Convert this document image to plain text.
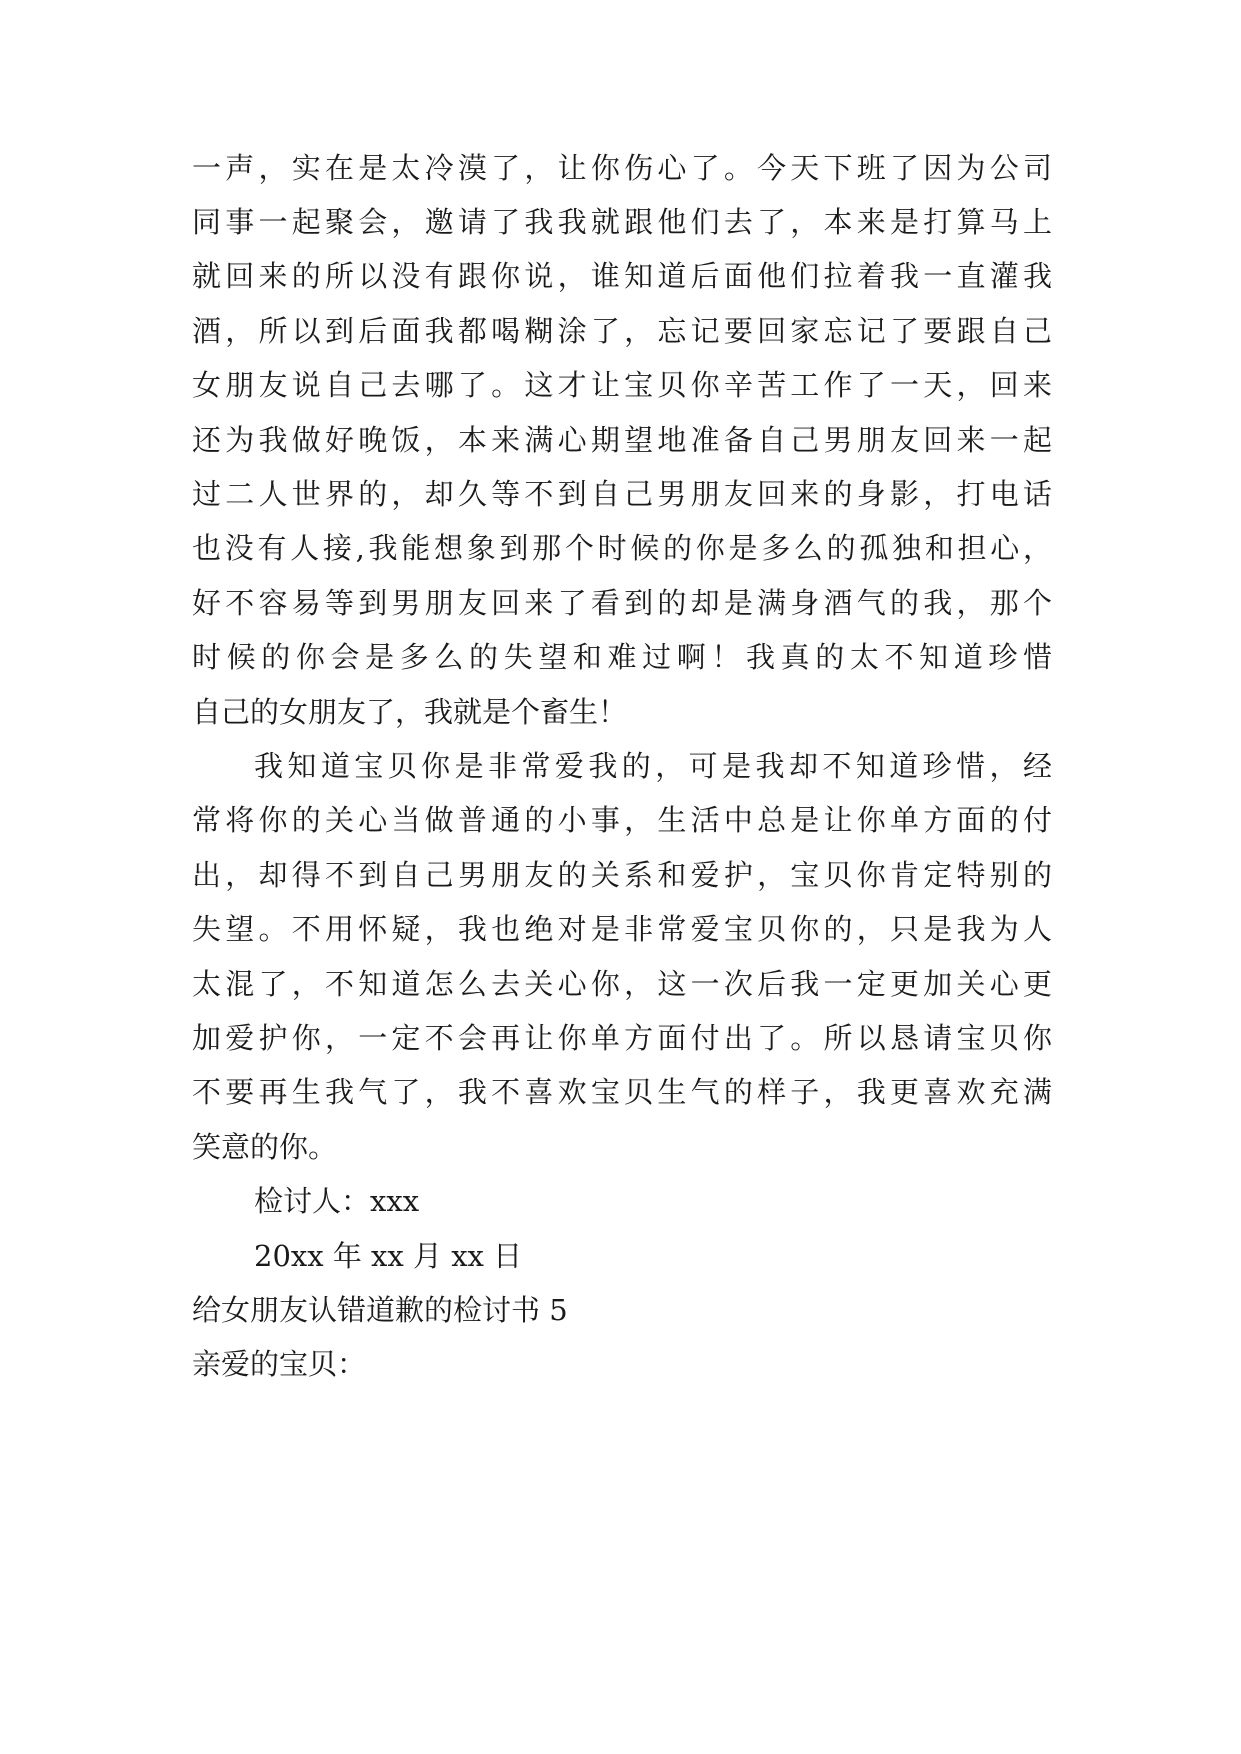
一声，实在是太冷漠了，让你伤心了。今天下班了因为公司
同事一起聚会，邀请了我我就跟他们去了，本来是打算马上
就回来的所以没有跟你说，谁知道后面他们拉着我一直灌我
酒，所以到后面我都喝糊涂了，忘记要回家忘记了要跟自己
女朋友说自己去哪了。这才让宝贝你辛苦工作了一天，回来
还为我做好晚饭，本来满心期望地准备自己男朋友回来一起
过二人世界的，却久等不到自己男朋友回来的身影，打电话
也没有人接,我能想象到那个时候的你是多么的孤独和担心，
好不容易等到男朋友回来了看到的却是满身酒气的我，那个
时候的你会是多么的失望和难过啊！我真的太不知道珍惜
自己的女朋友了，我就是个畜生！
我知道宝贝你是非常爱我的，可是我却不知道珍惜，经
常将你的关心当做普通的小事，生活中总是让你单方面的付
出，却得不到自己男朋友的关系和爱护，宝贝你肯定特别的
失望。不用怀疑，我也绝对是非常爱宝贝你的，只是我为人
太混了，不知道怎么去关心你，这一次后我一定更加关心更
加爱护你，一定不会再让你单方面付出了。所以恳请宝贝你
不要再生我气了，我不喜欢宝贝生气的样子，我更喜欢充满
笑意的你。
检讨人：xxx
20xx 年 xx 月 xx 日
给女朋友认错道歉的检讨书 5
亲爱的宝贝：
